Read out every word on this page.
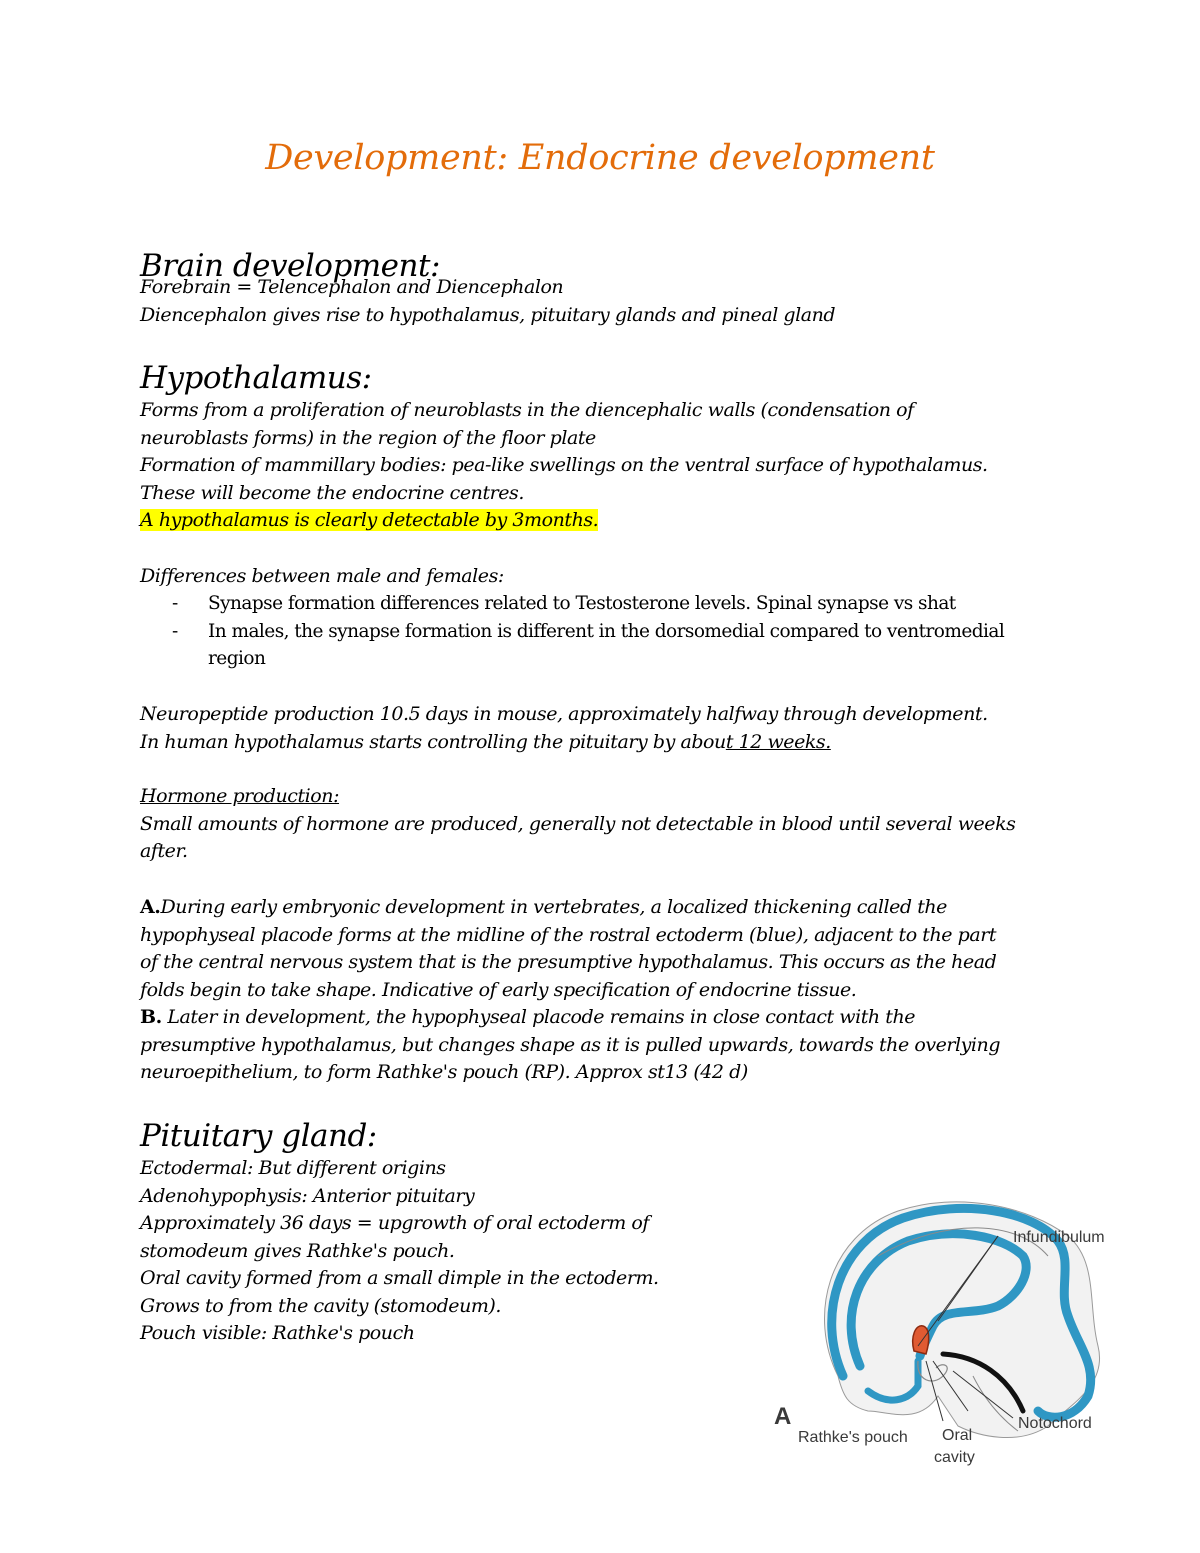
Development: Endocrine development
Brain development:
Forebrain = Telencephalon and Diencephalon
Diencephalon gives rise to hypothalamus, pituitary glands and pineal gland
Hypothalamus:
Forms from a proliferation of neuroblasts in the diencephalic walls (condensation of
neuroblasts forms) in the region of the floor plate
Formation of mammillary bodies: pea-like swellings on the ventral surface of hypothalamus.
These will become the endocrine centres.
A hypothalamus is clearly detectable by 3months.
Differences between male and females:
-	Synapse formation differences related to Testosterone levels. Spinal synapse vs shat
-	In males, the synapse formation is different in the dorsomedial compared to ventromedial
region
Neuropeptide production 10.5 days in mouse, approximately halfway through development.
In human hypothalamus starts controlling the pituitary by about 12 weeks.
Hormone production:
Small amounts of hormone are produced, generally not detectable in blood until several weeks
after.
A.During early embryonic development in vertebrates, a localized thickening called the
hypophyseal placode forms at the midline of the rostral ectoderm (blue), adjacent to the part
of the central nervous system that is the presumptive hypothalamus. This occurs as the head
folds begin to take shape. Indicative of early specification of endocrine tissue.
B. Later in development, the hypophyseal placode remains in close contact with the
presumptive hypothalamus, but changes shape as it is pulled upwards, towards the overlying
neuroepithelium, to form Rathke's pouch (RP). Approx st13 (42 d)
Pituitary gland:
Ectodermal: But different origins
Adenohypophysis: Anterior pituitary
Approximately 36 days = upgrowth of oral ectoderm of
stomodeum gives Rathke's pouch.
Oral cavity formed from a small dimple in the ectoderm.
Grows to from the cavity (stomodeum).
Pouch visible: Rathke's pouch
Infundibulum
A
Rathke's pouch Oral
cavity
Notochord
